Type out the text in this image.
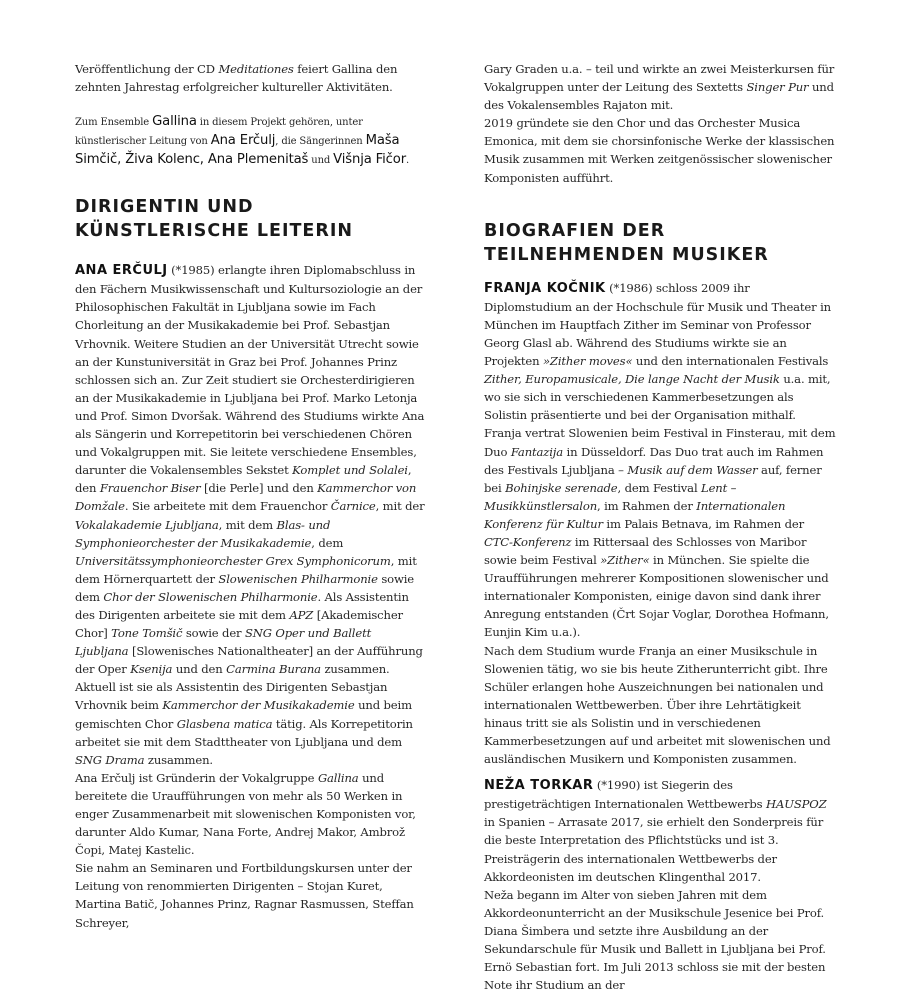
Veröffentlichung der CD Meditationes feiert Gallina den zehnten Jahrestag erfolgreicher kultureller Aktivitäten.

Zum Ensemble Gallina in diesem Projekt gehören, unter künstlerischer Leitung von Ana Erčulj, die Sängerinnen Maša Simčič, Živa Kolenc, Ana Plemenitaš und Višnja Fičor.

DIRIGENTIN UND KÜNSTLERISCHE LEITERIN

ANA ERČULJ (*1985) erlangte ihren Diplomabschluss in den Fächern Musikwissenschaft und Kultursoziologie an der Philosophischen Fakultät in Ljubljana sowie im Fach Chorleitung an der Musikakademie bei Prof. Sebastjan Vrhovnik. Weitere Studien an der Universität Utrecht sowie an der Kunstuniversität in Graz bei Prof. Johannes Prinz schlossen sich an. Zur Zeit studiert sie Orchesterdirigieren an der Musikakademie in Ljubljana bei Prof. Marko Letonja und Prof. Simon Dvoršak. Während des Studiums wirkte Ana als Sängerin und Korrepetitorin bei verschiedenen Chören und Vokalgruppen mit. Sie leitete verschiedene Ensembles, darunter die Vokalensembles Sekstet Komplet und Solalei, den Frauenchor Biser [die Perle] und den Kammerchor von Domžale. Sie arbeitete mit dem Frauenchor Čarnice, mit der Vokalakademie Ljubljana, mit dem Blas- und Symphonieorchester der Musikakademie, dem Universitätssymphonieorchester Grex Symphonicorum, mit dem Hörnerquartett der Slowenischen Philharmonie sowie dem Chor der Slowenischen Philharmonie. Als Assistentin des Dirigenten arbeitete sie mit dem APZ [Akademischer Chor] Tone Tomšič sowie der SNG Oper und Ballett Ljubljana [Slowenisches Nationaltheater] an der Aufführung der Oper Ksenija und den Carmina Burana zusammen. Aktuell ist sie als Assistentin des Dirigenten Sebastjan Vrhovnik beim Kammerchor der Musikakademie und beim gemischten Chor Glasbena matica tätig. Als Korrepetitorin arbeitet sie mit dem Stadttheater von Ljubljana und dem SNG Drama zusammen.

Ana Erčulj ist Gründerin der Vokalgruppe Gallina und bereitete die Uraufführungen von mehr als 50 Werken in enger Zusammenarbeit mit slowenischen Komponisten vor, darunter Aldo Kumar, Nana Forte, Andrej Makor, Ambrož Čopi, Matej Kastelic.

Sie nahm an Seminaren und Fortbildungskursen unter der Leitung von renommierten Dirigenten – Stojan Kuret, Martina Batič, Johannes Prinz, Ragnar Rasmussen, Steffan Schreyer,

Gary Graden u.a. – teil und wirkte an zwei Meisterkursen für Vokalgruppen unter der Leitung des Sextetts Singer Pur und des Vokalensembles Rajaton mit.

2019 gründete sie den Chor und das Orchester Musica Emonica, mit dem sie chorsinfonische Werke der klassischen Musik zusammen mit Werken zeitgenössischer slowenischer Komponisten aufführt.

BIOGRAFIEN DER TEILNEHMENDEN MUSIKER

FRANJA KOČNIK (*1986) schloss 2009 ihr Diplomstudium an der Hochschule für Musik und Theater in München im Hauptfach Zither im Seminar von Professor Georg Glasl ab. Während des Studiums wirkte sie an Projekten »Zither moves« und den internationalen Festivals Zither, Europamusicale, Die lange Nacht der Musik u.a. mit, wo sie sich in verschiedenen Kammerbesetzungen als Solistin präsentierte und bei der Organisation mithalf. Franja vertrat Slowenien beim Festival in Finsterau, mit dem Duo Fantazija in Düsseldorf. Das Duo trat auch im Rahmen des Festivals Ljubljana – Musik auf dem Wasser auf, ferner bei Bohinjske serenade, dem Festival Lent – Musikkünstlersalon, im Rahmen der Internationalen Konferenz für Kultur im Palais Betnava, im Rahmen der CTC-Konferenz im Rittersaal des Schlosses von Maribor sowie beim Festival »Zither« in München. Sie spielte die Uraufführungen mehrerer Kompositionen slowenischer und internationaler Komponisten, einige davon sind dank ihrer Anregung entstanden (Črt Sojar Voglar, Dorothea Hofmann, Eunjin Kim u.a.).

Nach dem Studium wurde Franja an einer Musikschule in Slowenien tätig, wo sie bis heute Zitherunterricht gibt. Ihre Schüler erlangen hohe Auszeichnungen bei nationalen und internationalen Wettbewerben. Über ihre Lehrtätigkeit hinaus tritt sie als Solistin und in verschiedenen Kammerbesetzungen auf und arbeitet mit slowenischen und ausländischen Musikern und Komponisten zusammen.

NEŽA TORKAR (*1990) ist Siegerin des prestigeträchtigen Internationalen Wettbewerbs HAUSPOZ in Spanien – Arrasate 2017, sie erhielt den Sonderpreis für die beste Interpretation des Pflichtstücks und ist 3. Preisträgerin des internationalen Wettbewerbs der Akkordeonisten im deutschen Klingenthal 2017.

Neža begann im Alter von sieben Jahren mit dem Akkordeonunterricht an der Musikschule Jesenice bei Prof. Diana Šimbera und setzte ihre Ausbildung an der Sekundarschule für Musik und Ballett in Ljubljana bei Prof. Ernö Sebastian fort. Im Juli 2013 schloss sie mit der besten Note ihr Studium an der
